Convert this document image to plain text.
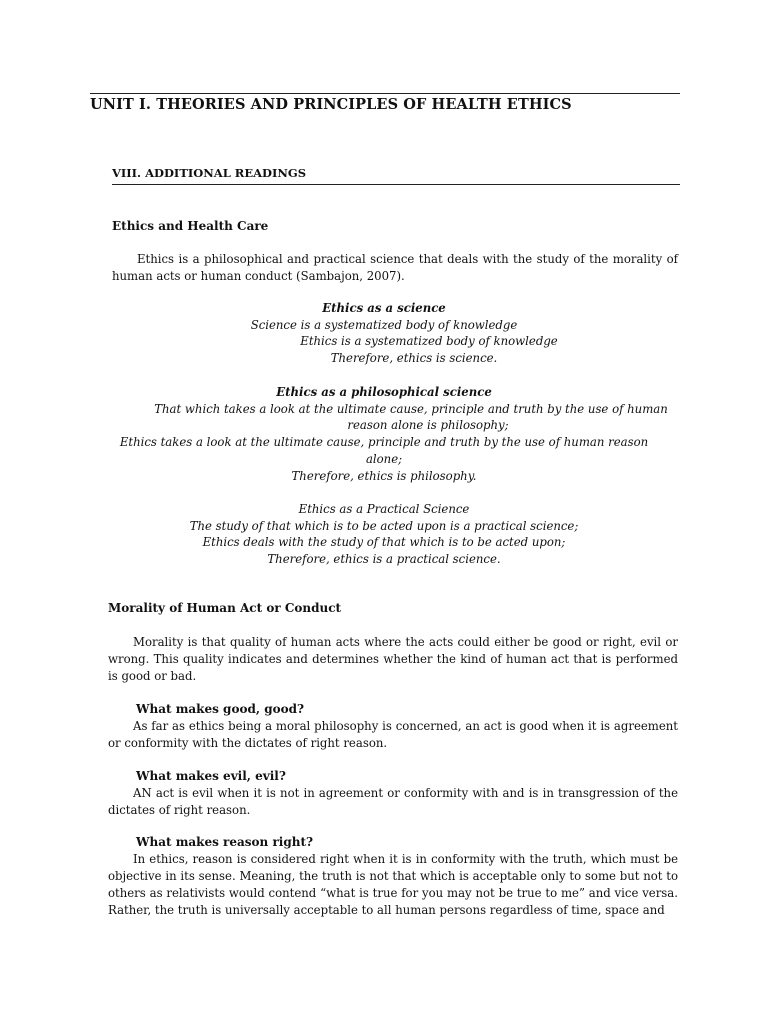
UNIT I. THEORIES AND PRINCIPLES OF HEALTH ETHICS
VIII. ADDITIONAL READINGS
Ethics and Health Care
Ethics is a philosophical and practical science that deals with the study of the morality of human acts or human conduct (Sambajon, 2007).
Ethics as a science
Science is a systematized body of knowledge
Ethics is a systematized body of knowledge
Therefore, ethics is science.
Ethics as a philosophical science
That which takes a look at the ultimate cause, principle and truth by the use of human
reason alone is philosophy;
Ethics takes a look at the ultimate cause, principle and truth by the use of human reason
alone;
Therefore, ethics is philosophy.
Ethics as a Practical Science
The study of that which is to be acted upon is a practical science;
Ethics deals with the study of that which is to be acted upon;
Therefore, ethics is a practical science.
Morality of Human Act or Conduct
Morality is that quality of human acts where the acts could either be good or right, evil or wrong. This quality indicates and determines whether the kind of human act that is performed is good or bad.
What makes good, good?
As far as ethics being a moral philosophy is concerned, an act is good when it is agreement or conformity with the dictates of right reason.
What makes evil, evil?
AN act is evil when it is not in agreement or conformity with and is in transgression of the dictates of right reason.
What makes reason right?
In ethics, reason is considered right when it is in conformity with the truth, which must be objective in its sense. Meaning, the truth is not that which is acceptable only to some but not to others as relativists would contend “what is true for you may not be true to me” and vice versa. Rather, the truth is universally acceptable to all human persons regardless of time, space and
